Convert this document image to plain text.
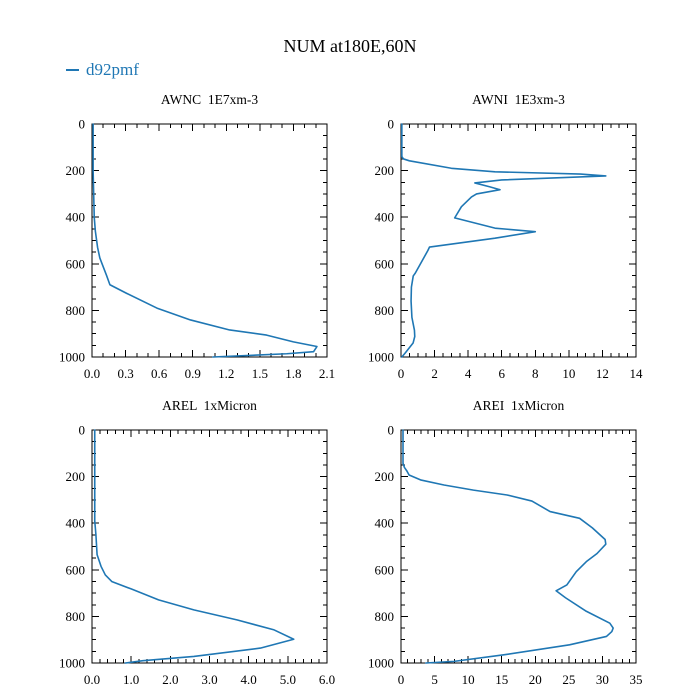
NUM at180E,60N
d92pmf
AWNC  1E7xm-3	AWNI  1E3xm-3
AREL  1xMicron	AREI  1xMicron
0.0 0.3 0.6 0.9 1.2 1.5 1.8 2.1
0
200
400
600
800
1000
0 2 4 6 8 10 12 14
0
200
400
600
800
1000
0.0 1.0 2.0 3.0 4.0 5.0 6.0
0
200
400
600
800
1000
0 5 10 15 20 25 30 35
0
200
400
600
800
1000
